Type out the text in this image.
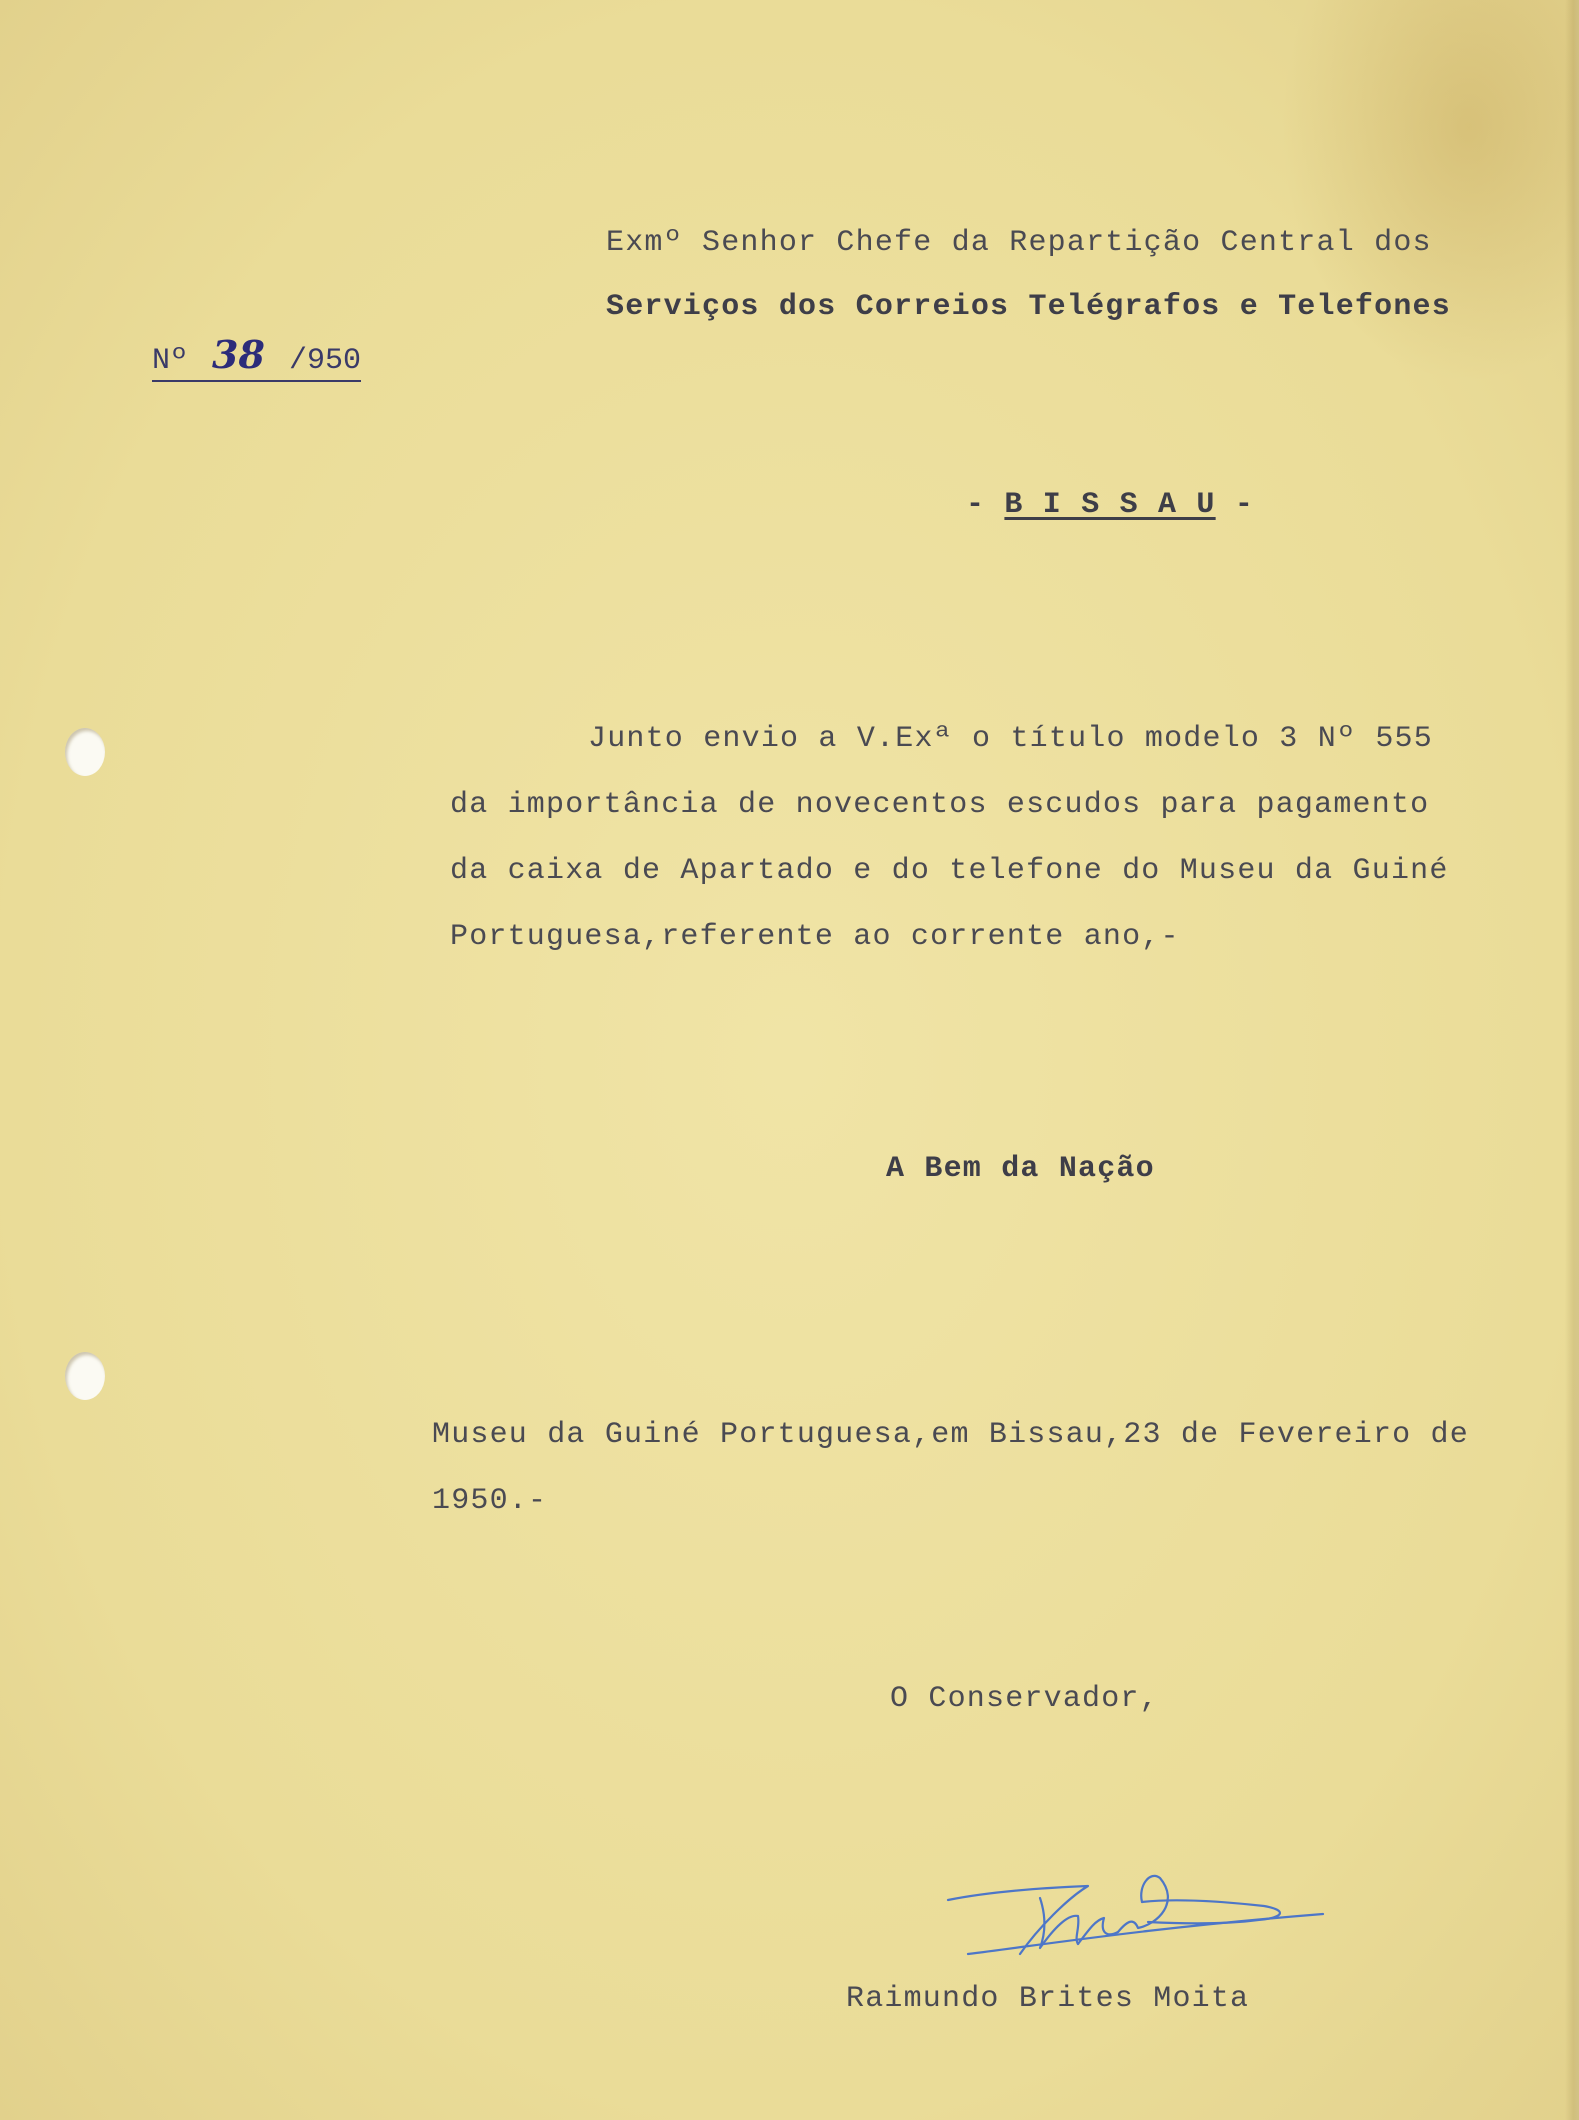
Exmº Senhor Chefe da Repartição Central dos

Serviços dos Correios Telégrafos e Telefones

Nº 38 /950

- B I S S A U -

Junto envio a V.Exª o título modelo 3 Nº 555

da importância de novecentos escudos para pagamento

da caixa de Apartado e do telefone do Museu da Guiné

Portuguesa,referente ao corrente ano,-

A Bem da Nação

Museu da Guiné Portuguesa,em Bissau,23 de Fevereiro de

1950.-

O Conservador,

Raimundo Brites Moita
